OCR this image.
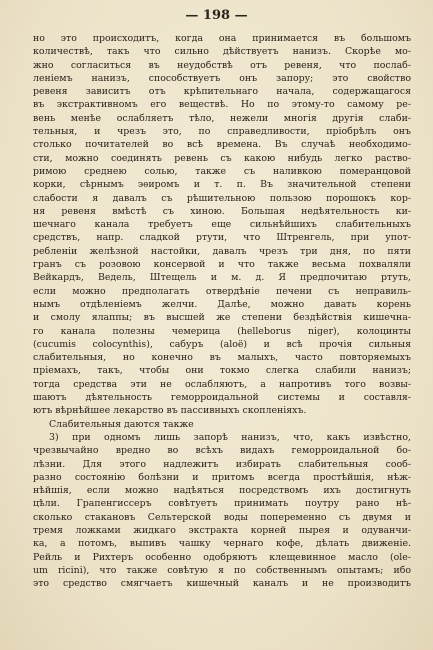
— 198 —
но это происходитъ, когда она принимается въ большомъ
количествѣ, такъ что сильно дѣйствуетъ нанизъ. Скорѣе мо-
жно согласиться въ неудобствѣ отъ ревеня, что послаб-
леніемъ нанизъ, способствуетъ онъ запору; это свойство
ревеня зависитъ отъ крѣпительнаго начала, содержащагося
въ экстрактивномъ его веществѣ. Но по этому-то самому ре-
вень менѣе ослабляетъ тѣло, нежели многія другія слаби-
тельныя, и чрезъ это, по справедливости, пріобрѣлъ онъ
столько почитателей во всѣ времена. Въ случаѣ необходимо-
сти, можно соединять ревень съ какою нибудь легко раство-
римою среднею солью, также съ наливкою померанцовой
корки, сѣрнымъ эѳиромъ и т. п. Въ значительной степени
слабости я давалъ съ рѣшительною пользою порошокъ кор-
ня ревеня вмѣстѣ съ хиною. Большая недѣятельность ки-
шечнаго канала требуетъ еще сильнѣйшихъ слабительныхъ
средствъ, напр. сладкой ртути, что Штренгель, при упот-
ребленіи желѣзной настойки, давалъ чрезъ три дня, по пяти
гранъ съ розовою консервой и что также весьма похваляли
Вейкардъ, Ведель, Штещель и м. д. Я предпочитаю ртуть,
если можно предполагать отвердѣніе печени съ неправиль-
нымъ отдѣленіемъ желчи. Далѣе, можно давать корень
и смолу ялаппы; въ высшей же степени бездѣйствія кишечна-
го канала полезны чемерица (helleborus niger), колоцинты
(cucumis colocynthis), сабуръ (aloë) и всѣ прочія сильныя
слабительныя, но конечно въ малыхъ, часто повторяемыхъ
пріемахъ, такъ, чтобы они токмо слегка слабили нанизъ;
тогда средства эти не ослабляютъ, а напротивъ того возвы-
шаютъ дѣятельность геморроидальной системы и составля-
ютъ вѣрнѣйшее лекарство въ пассивныхъ скопленіяхъ.
Слабительныя даются также
3) при одномъ лишь запорѣ нанизъ, что, какъ извѣстно,
чрезвычайно вредно во всѣхъ видахъ геморроидальной бо-
лѣзни. Для этого надлежитъ избирать слабительныя сооб-
разно состоянію болѣзни и притомъ всегда простѣйшія, нѣж-
нѣйшія, если можно надѣяться посредствомъ ихъ достигнуть
цѣли. Грапенгиссеръ совѣтуетъ принимать поутру рано нѣ-
сколько стакановъ Сельтерской воды попеременно съ двумя и
тремя ложками жидкаго экстракта корней пырея и одуванчи-
ка, а потомъ, выпивъ чашку чернаго кофе, дѣлать движеніе.
Рейль и Рихтеръ особенно одобряютъ клещевинное масло (ole-
um ricini), что также совѣтую я по собственнымъ опытамъ; ибо
это средство смягчаетъ кишечный каналъ и не производитъ
